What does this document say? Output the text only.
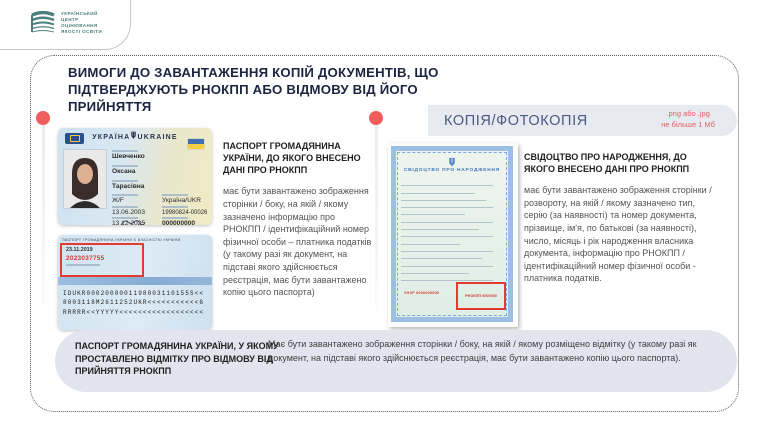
УКРАЇНСЬКИЙ
ЦЕНТР
ОЦІНЮВАННЯ
ЯКОСТІ ОСВІТИ
ВИМОГИ ДО ЗАВАНТАЖЕННЯ КОПІЙ ДОКУМЕНТІВ, ЩО
ПІДТВЕРДЖУЮТЬ РНОКПП АБО ВІДМОВУ ВІД ЙОГО ПРИЙНЯТТЯ
КОПІЯ/ФОТОКОПІЯ	.png або .jpg
не більше 1 Мб
УКРАЇНА UKRAINE
Шевченко
Оксана
Тарасівна
Ж/F	Україна/UKR
13.06.2003	19980824-00026
13 12 2025	000000000
ПАСПОРТ ГРОМАДЯНИНА УКРАЇНИ Є ВЛАСНІСТЮ УКРАЇНИ
23.11.2019
2023037755
IDUKR0002000001198003110155S<<
8003118M2611252UKR<<<<<<<<<<<6
RRRRR<<YYYYY<<<<<<<<<<<<<<<<<<
ПАСПОРТ ГРОМАДЯНИНА УКРАЇНИ, ДО ЯКОГО ВНЕСЕНО ДАНІ ПРО РНОКПП
має бути завантажено зображення сторінки / боку, на якій / якому зазначено інформацію про РНОКПП / ідентифікаційний номер фізичної особи – платника податків (у такому разі як документ, на підставі якого здійснюється реєстрація, має бути завантажено копію цього паспорта)
СВІДОЦТВО ПРО НАРОДЖЕННЯ
УНЗР 0000000000
РНОКПП 0000000
СВІДОЦТВО ПРО НАРОДЖЕННЯ, ДО ЯКОГО ВНЕСЕНО ДАНІ ПРО РНОКПП
має бути завантажено зображення сторінки / розвороту, на якій / якому зазначено тип, серію (за наявності) та номер документа, прізвище, ім'я, по батькові (за наявності), число, місяць і рік народження власника документа, інформацію про РНОКПП / ідентифікаційний номер фізичної особи - платника податків.
ПАСПОРТ ГРОМАДЯНИНА УКРАЇНИ, У ЯКОМУ ПРОСТАВЛЕНО ВІДМІТКУ ПРО ВІДМОВУ ВІД ПРИЙНЯТТЯ РНОКПП
Має бути завантажено зображення сторінки / боку, на якій / якому розміщено відмітку (у такому разі як документ, на підставі якого здійснюється реєстрація, має бути завантажено копію цього паспорта).
